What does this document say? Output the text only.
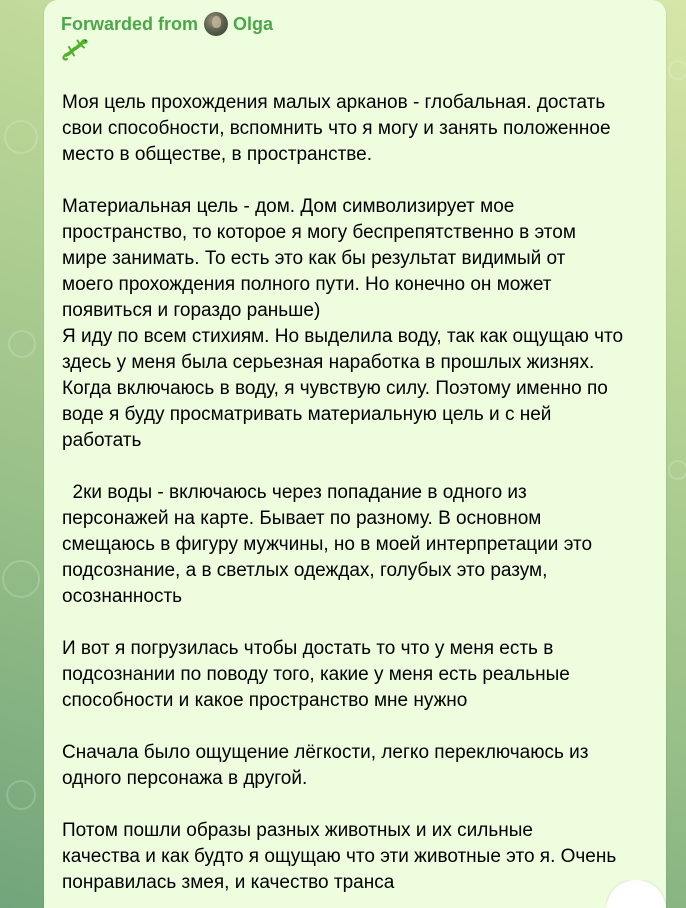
Forwarded from Olga
Моя цель прохождения малых арканов - глобальная. достать
свои способности, вспомнить что я могу и занять положенное
место в обществе, в пространстве.
Материальная цель - дом. Дом символизирует мое
пространство, то которое я могу беспрепятственно в этом
мире занимать. То есть это как бы результат видимый от
моего прохождения полного пути. Но конечно он может
появиться и гораздо раньше)
Я иду по всем стихиям. Но выделила воду, так как ощущаю что
здесь у меня была серьезная наработка в прошлых жизнях.
Когда включаюсь в воду, я чувствую силу. Поэтому именно по
воде я буду просматривать материальную цель и с ней
работать
2ки воды - включаюсь через попадание в одного из
персонажей на карте. Бывает по разному. В основном
смещаюсь в фигуру мужчины, но в моей интерпретации это
подсознание, а в светлых одеждах, голубых это разум,
осознанность
И вот я погрузилась чтобы достать то что у меня есть в
подсознании по поводу того, какие у меня есть реальные
способности и какое пространство мне нужно
Сначала было ощущение лёгкости, легко переключаюсь из
одного персонажа в другой.
Потом пошли образы разных животных и их сильные
качества и как будто я ощущаю что эти животные это я. Очень
понравилась змея, и качество транса
